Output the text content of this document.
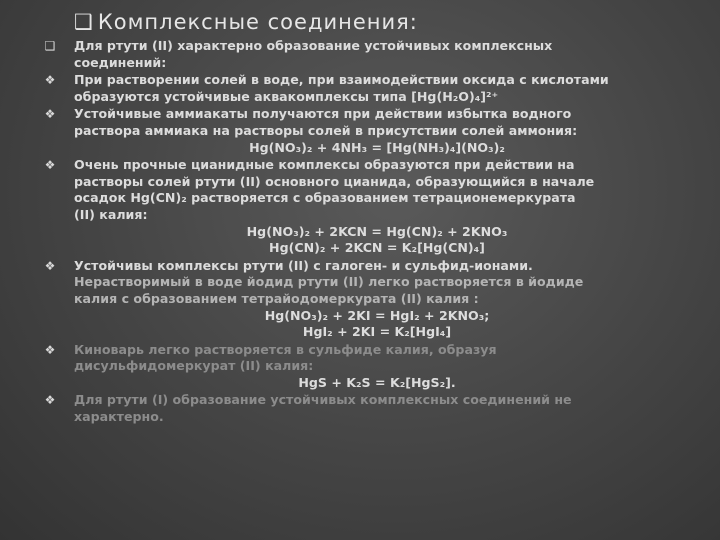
❑ Комплексные соединения:
❑	Для ртути (II) характерно образование устойчивых комплексных
соединений:
❖	При растворении солей в воде, при взаимодействии оксида с кислотами
образуются устойчивые аквакомплексы типа [Hg(H₂O)₄]²⁺
❖	Устойчивые аммиакаты получаются при действии избытка водного
раствора аммиака на растворы солей в присутствии солей аммония:
Hg(NO₃)₂ + 4NH₃ = [Hg(NH₃)₄](NO₃)₂
❖	Очень прочные цианидные комплексы образуются при действии на
растворы солей ртути (II) основного цианида, образующийся в начале
осадок Hg(CN)₂ растворяется с образованием тетрационемеркурата
(II) калия:
Hg(NO₃)₂ + 2KCN = Hg(CN)₂ + 2KNO₃
Hg(CN)₂ + 2KCN = K₂[Hg(CN)₄]
❖	Устойчивы комплексы ртути (II) с галоген- и сульфид-ионами.
Нерастворимый в воде йодид ртути (II) легко растворяется в йодиде
калия с образованием тетрайодомеркурата (II) калия :
Hg(NO₃)₂ + 2KI = HgI₂ + 2KNO₃;
HgI₂ + 2KI = K₂[HgI₄]
❖	Киноварь легко растворяется в сульфиде калия, образуя
дисульфидомеркурат (II) калия:
HgS + K₂S = K₂[HgS₂].
❖	Для ртути (I) образование устойчивых комплексных соединений не
характерно.
